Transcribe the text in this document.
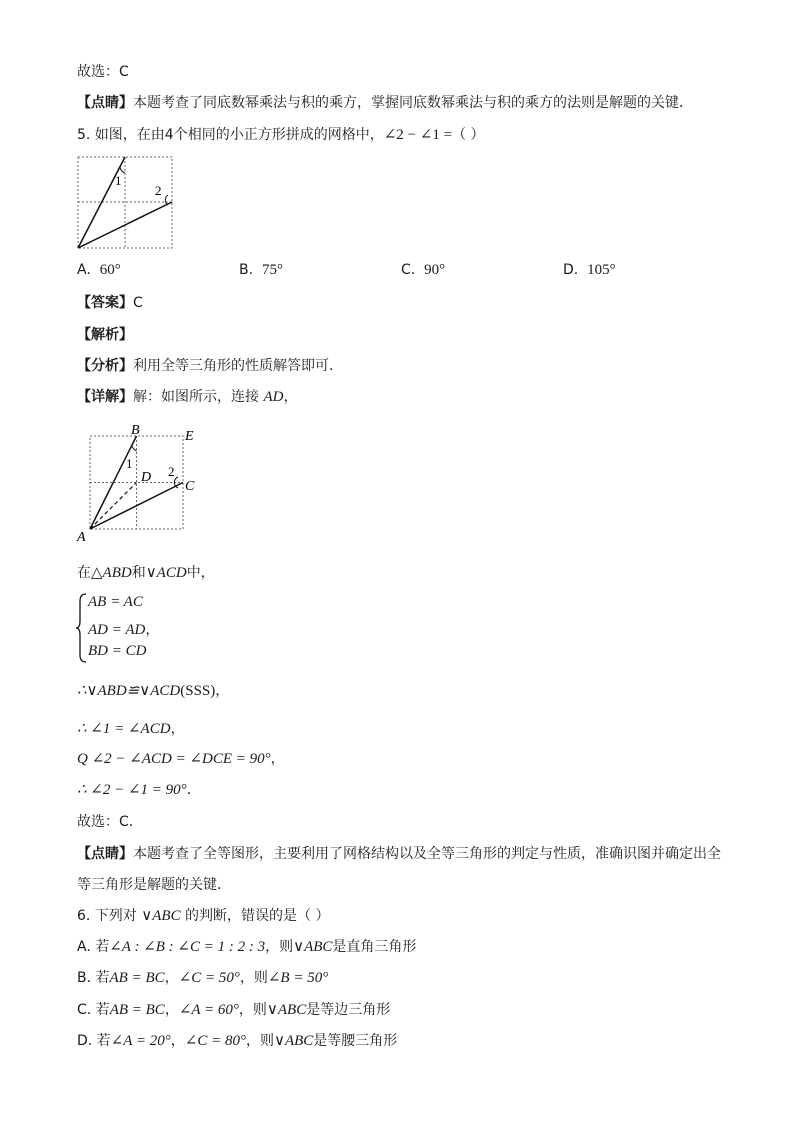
故选：C
【点睛】本题考查了同底数幂乘法与积的乘方，掌握同底数幂乘法与积的乘方的法则是解题的关键．
5. 如图，在由4个相同的小正方形拼成的网格中，∠2 − ∠1 =（ ）
1
2
A. 60°	B. 75°	C. 90°	D. 105°
【答案】C
【解析】
【分析】利用全等三角形的性质解答即可．
【详解】解：如图所示，连接 AD，
B	E
D
C
A
1
2
在△ABD和∨ACD中，
AB = AC
AD = AD，
BD = CD
∴∨ABD≌∨ACD(SSS)，
∴ ∠1 = ∠ACD，
Q ∠2 − ∠ACD = ∠DCE = 90°，
∴ ∠2 − ∠1 = 90°．
故选：C．
【点睛】本题考查了全等图形，主要利用了网格结构以及全等三角形的判定与性质，准确识图并确定出全
等三角形是解题的关键．
6. 下列对 ∨ABC 的判断，错误的是（ ）
A. 若∠A : ∠B : ∠C = 1 : 2 : 3，则∨ABC是直角三角形
B. 若AB = BC，∠C = 50°，则∠B = 50°
C. 若AB = BC，∠A = 60°，则∨ABC是等边三角形
D. 若∠A = 20°，∠C = 80°，则∨ABC是等腰三角形
